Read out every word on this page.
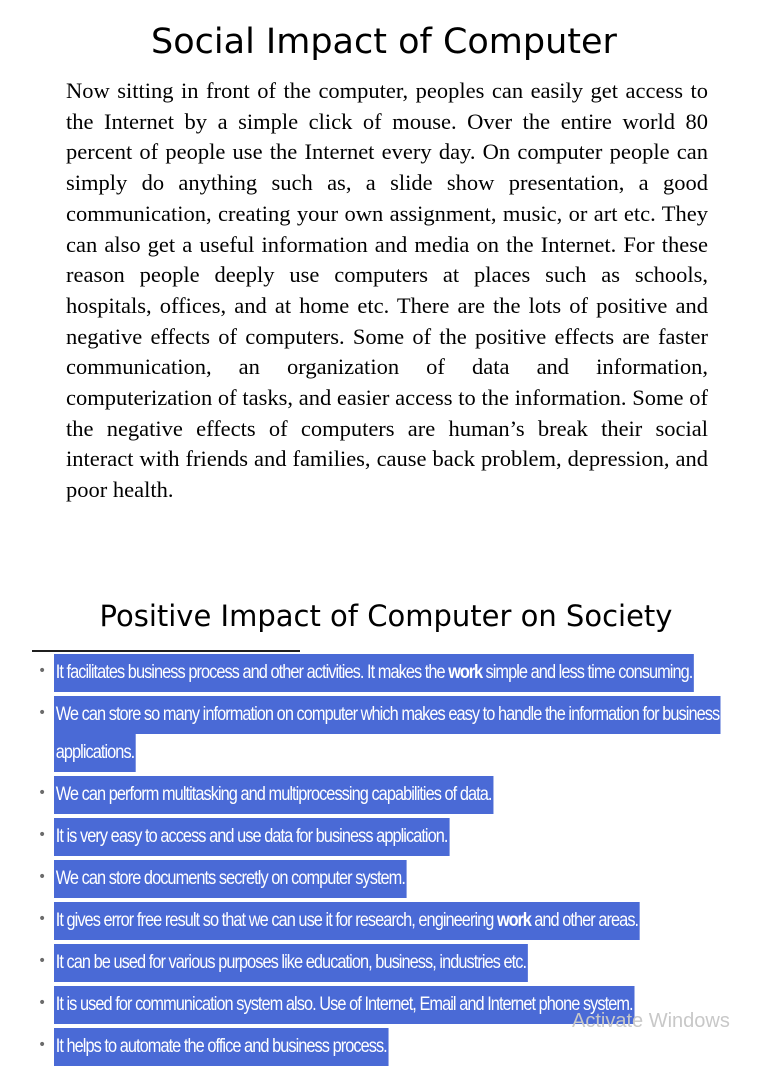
Social Impact of Computer

Now sitting in front of the computer, peoples can easily get access to the Internet by a simple click of mouse. Over the entire world 80 percent of people use the Internet every day. On computer people can simply do anything such as, a slide show presentation, a good communication, creating your own assignment, music, or art etc. They can also get a useful information and media on the Internet. For these reason people deeply use computers at places such as schools, hospitals, offices, and at home etc. There are the lots of positive and negative effects of computers. Some of the positive effects are faster communication, an organization of data and information, computerization of tasks, and easier access to the information. Some of the negative effects of computers are human’s break their social interact with friends and families, cause back problem, depression, and poor health.

Positive Impact of Computer on Society
• It facilitates business process and other activities. It makes the work simple and less time consuming.
• We can store so many information on computer which makes easy to handle the information for business
applications.
• We can perform multitasking and multiprocessing capabilities of data.
• It is very easy to access and use data for business application.
• We can store documents secretly on computer system.
• It gives error free result so that we can use it for research, engineering work and other areas.
• It can be used for various purposes like education, business, industries etc.
• It is used for communication system also. Use of Internet, Email and Internet phone system.
• It helps to automate the office and business process.
Activate Windows
